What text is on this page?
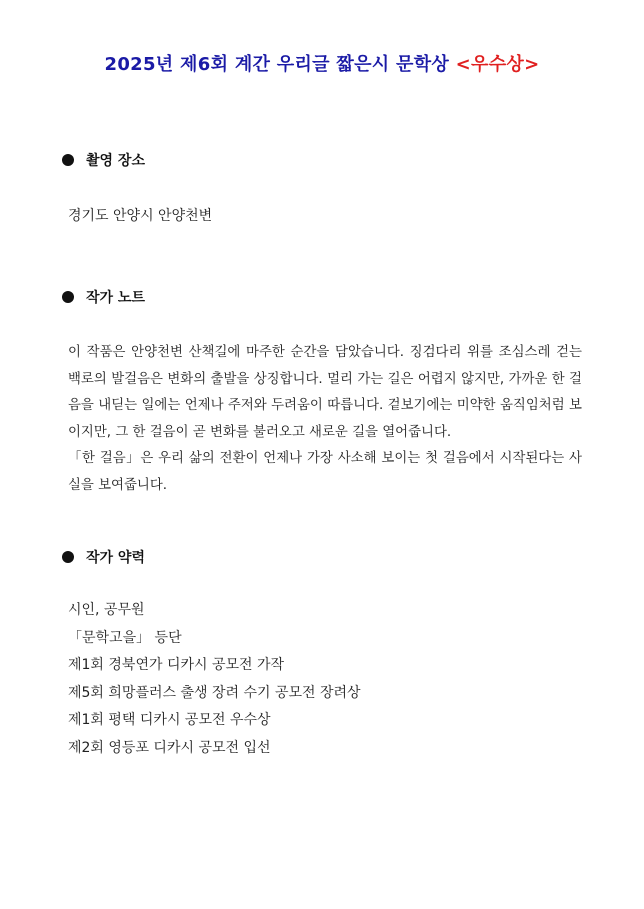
2025년 제6회 계간 우리글 짧은시 문학상 <우수상>
촬영 장소
경기도 안양시 안양천변
작가 노트

이 작품은 안양천변 산책길에 마주한 순간을 담았습니다. 징검다리 위를 조심스레 걷는 백로의 발걸음은 변화의 출발을 상징합니다. 멀리 가는 길은 어렵지 않지만, 가까운 한 걸음을 내딛는 일에는 언제나 주저와 두려움이 따릅니다. 겉보기에는 미약한 움직임처럼 보이지만, 그 한 걸음이 곧 변화를 불러오고 새로운 길을 열어줍니다.

「한 걸음」은 우리 삶의 전환이 언제나 가장 사소해 보이는 첫 걸음에서 시작된다는 사실을 보여줍니다.

작가 약력
시인, 공무원
「문학고을」 등단
제1회 경북연가 디카시 공모전 가작
제5회 희망플러스 출생 장려 수기 공모전 장려상
제1회 평택 디카시 공모전 우수상
제2회 영등포 디카시 공모전 입선
